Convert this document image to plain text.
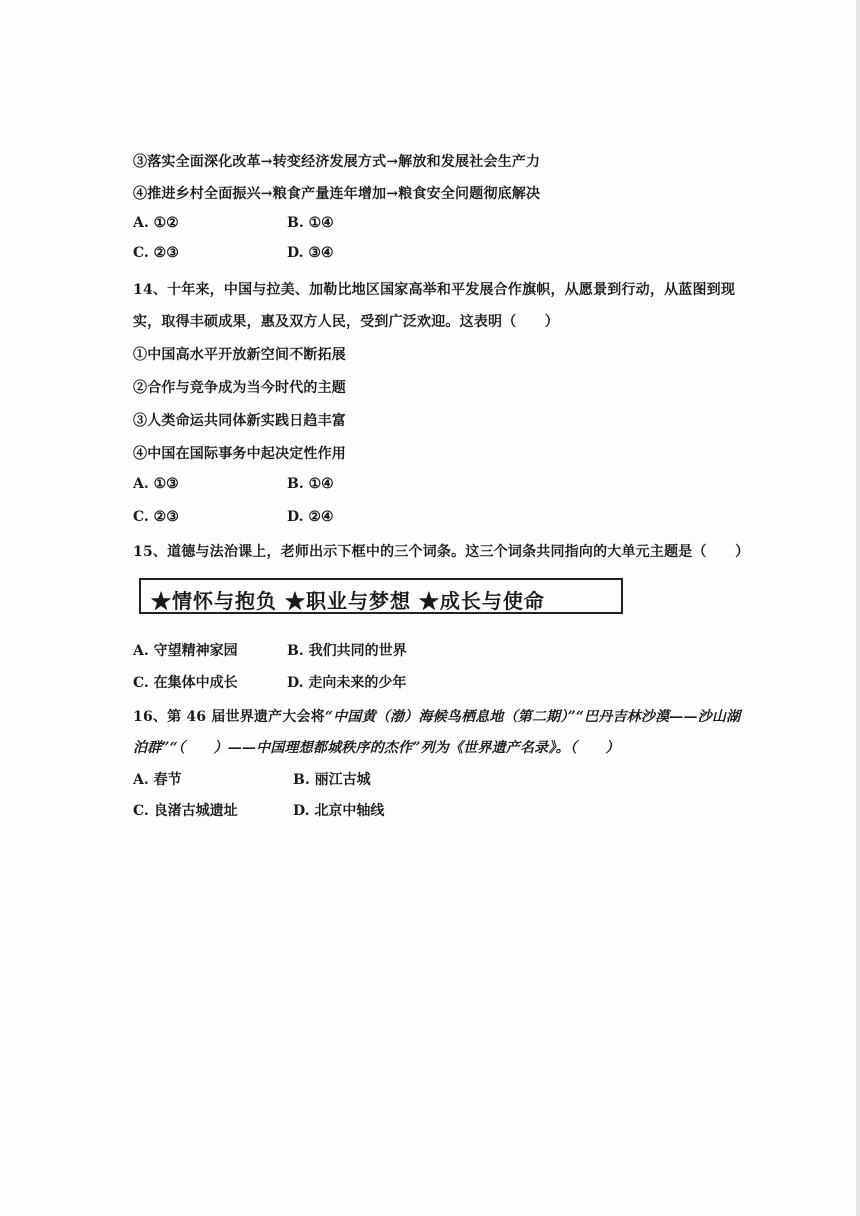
③落实全面深化改革→转变经济发展方式→解放和发展社会生产力
④推进乡村全面振兴→粮食产量连年增加→粮食安全问题彻底解决
A. ①②	B. ①④
C. ②③	D. ③④
14、十年来，中国与拉美、加勒比地区国家高举和平发展合作旗帜，从愿景到行动，从蓝图到现
实，取得丰硕成果，惠及双方人民，受到广泛欢迎。这表明（　　）
①中国高水平开放新空间不断拓展
②合作与竞争成为当今时代的主题
③人类命运共同体新实践日趋丰富
④中国在国际事务中起决定性作用
A. ①③	B. ①④
C. ②③	D. ②④
15、道德与法治课上，老师出示下框中的三个词条。这三个词条共同指向的大单元主题是（　　）
★情怀与抱负 ★职业与梦想 ★成长与使命
A. 守望精神家园	B. 我们共同的世界
C. 在集体中成长	D. 走向未来的少年
16、第 46 届世界遗产大会将“中国黄（渤）海候鸟栖息地（第二期）”“巴丹吉林沙漠——沙山湖
泊群”“（　　）——中国理想都城秩序的杰作”列为《世界遗产名录》。（　　）
A. 春节	B. 丽江古城
C. 良渚古城遗址	D. 北京中轴线
